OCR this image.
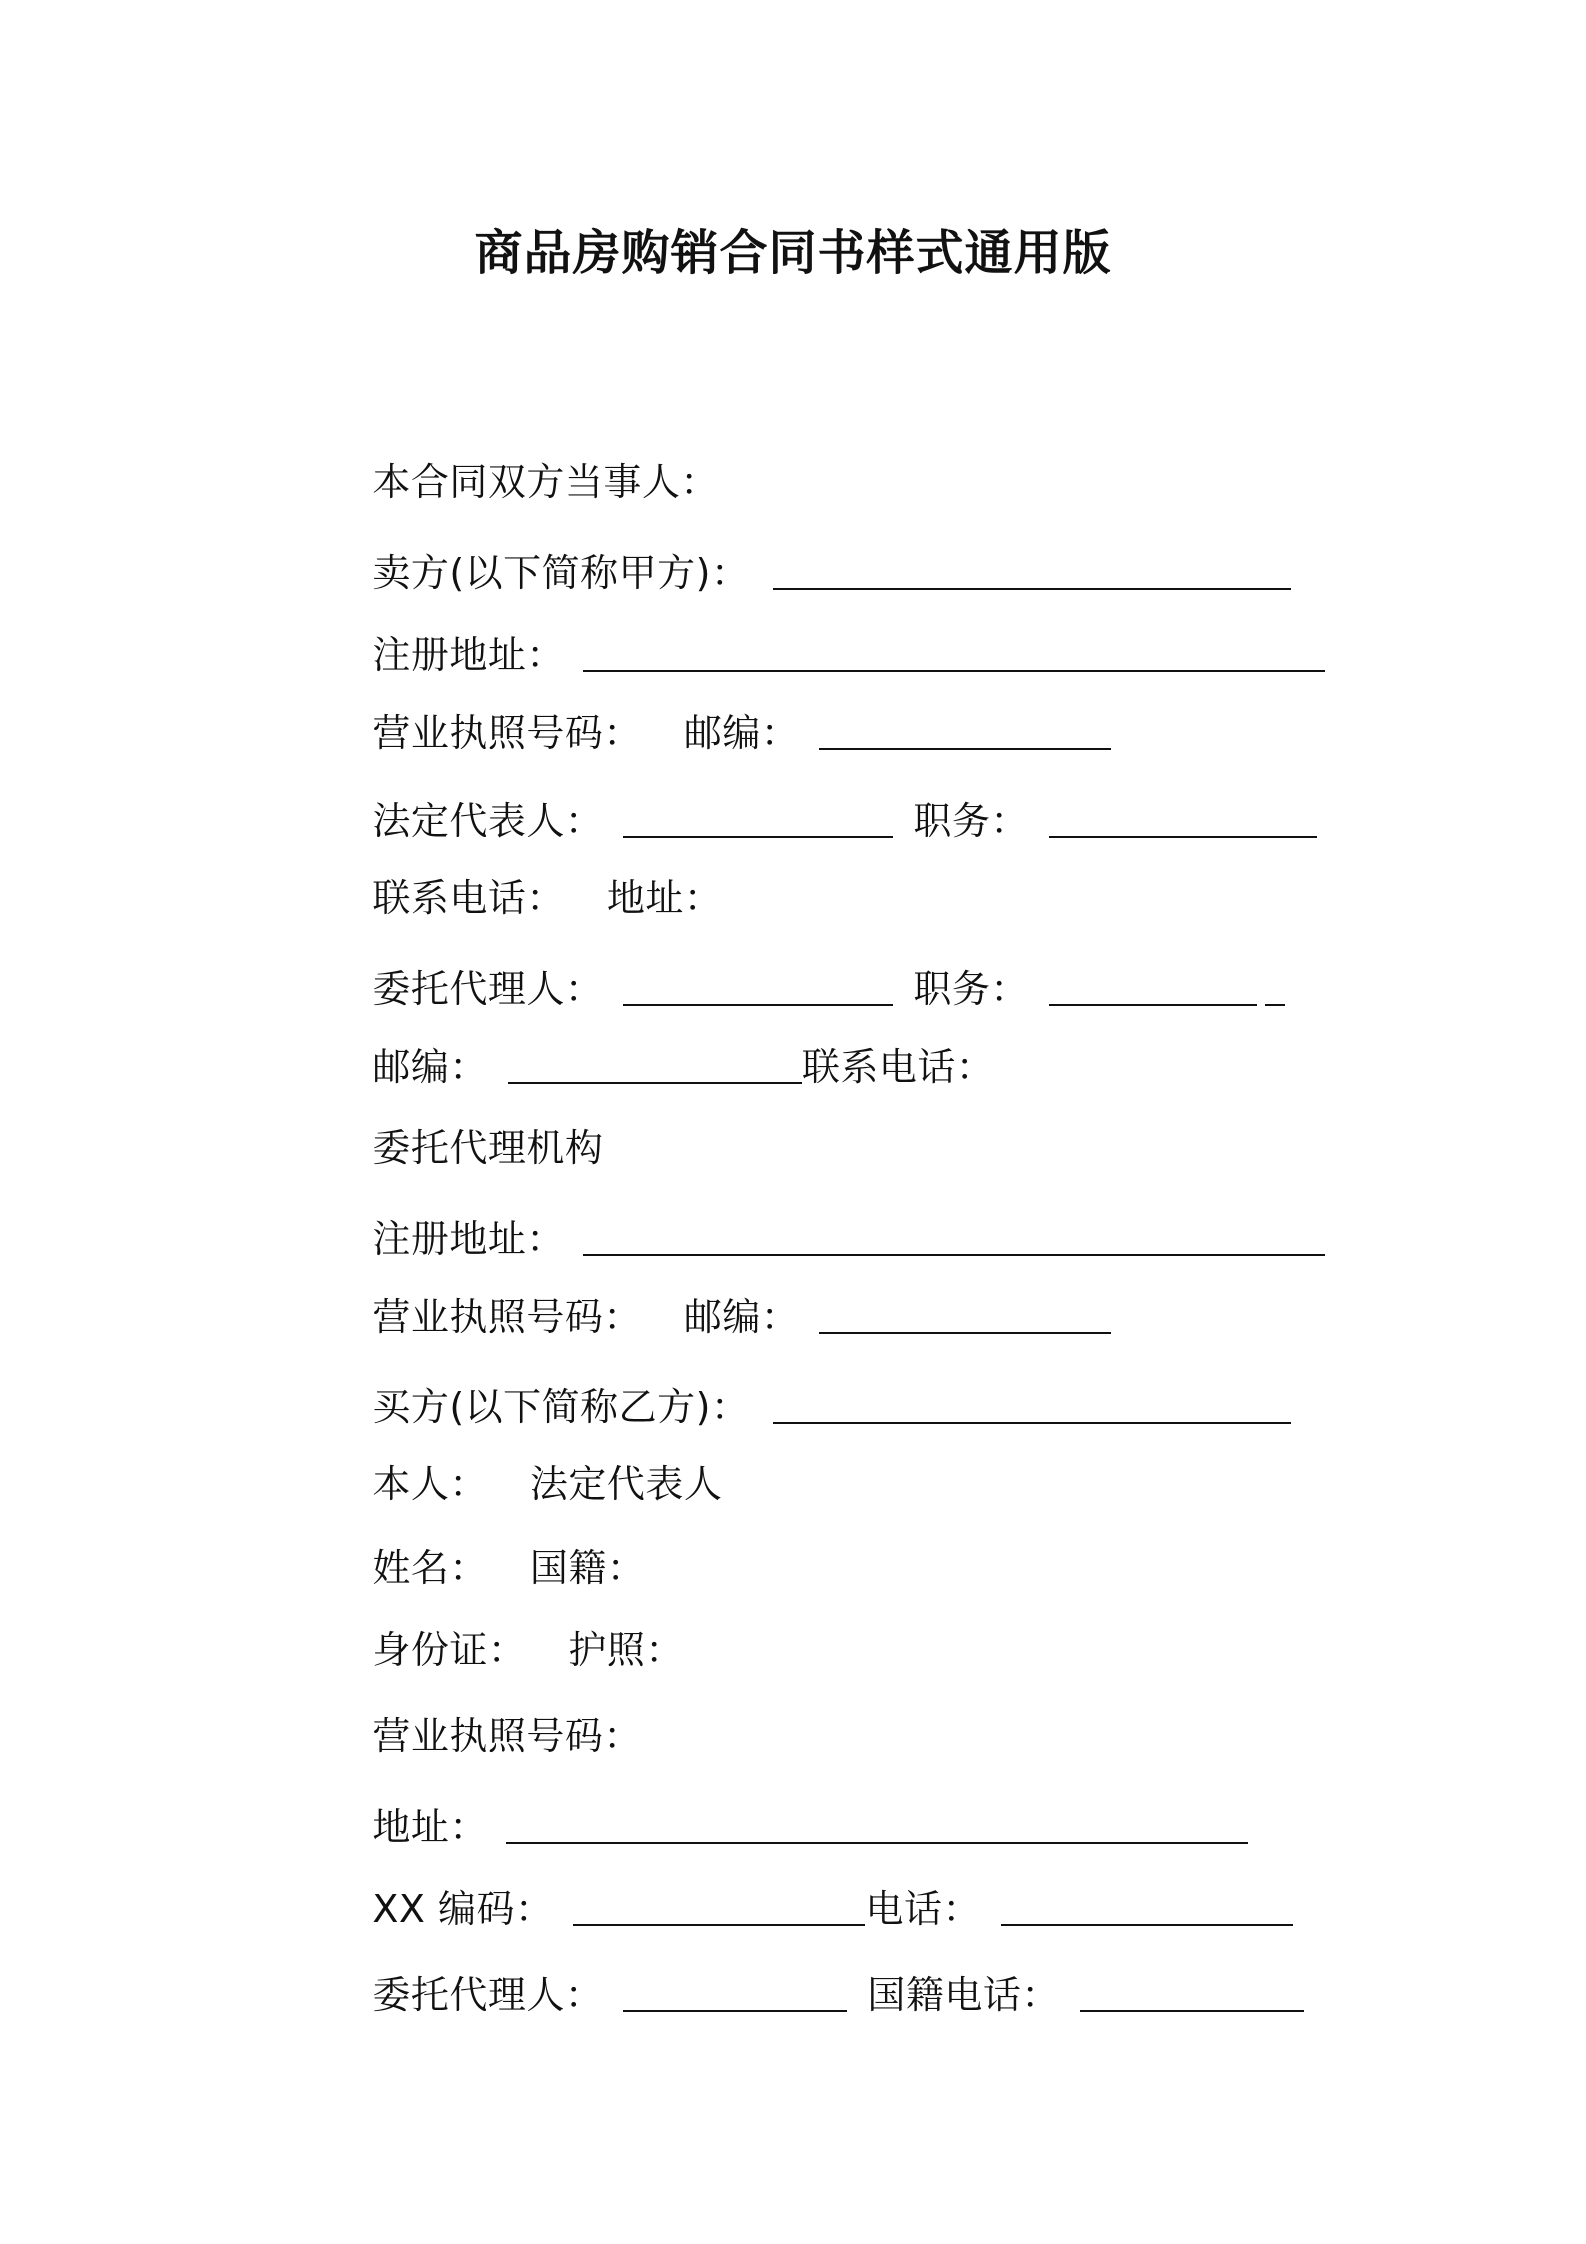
商品房购销合同书样式通用版

本合同双方当事人：

卖方(以下简称甲方)：

注册地址：

营业执照号码： 邮编：

法定代表人：	职务：

联系电话： 地址：

委托代理人：	职务：

邮编：	联系电话：

委托代理机构

注册地址：

营业执照号码： 邮编：

买方(以下简称乙方)：

本人： 法定代表人

姓名： 国籍：

身份证： 护照：

营业执照号码：

地址：

XX 编码：	电话：

委托代理人：	国籍电话：
